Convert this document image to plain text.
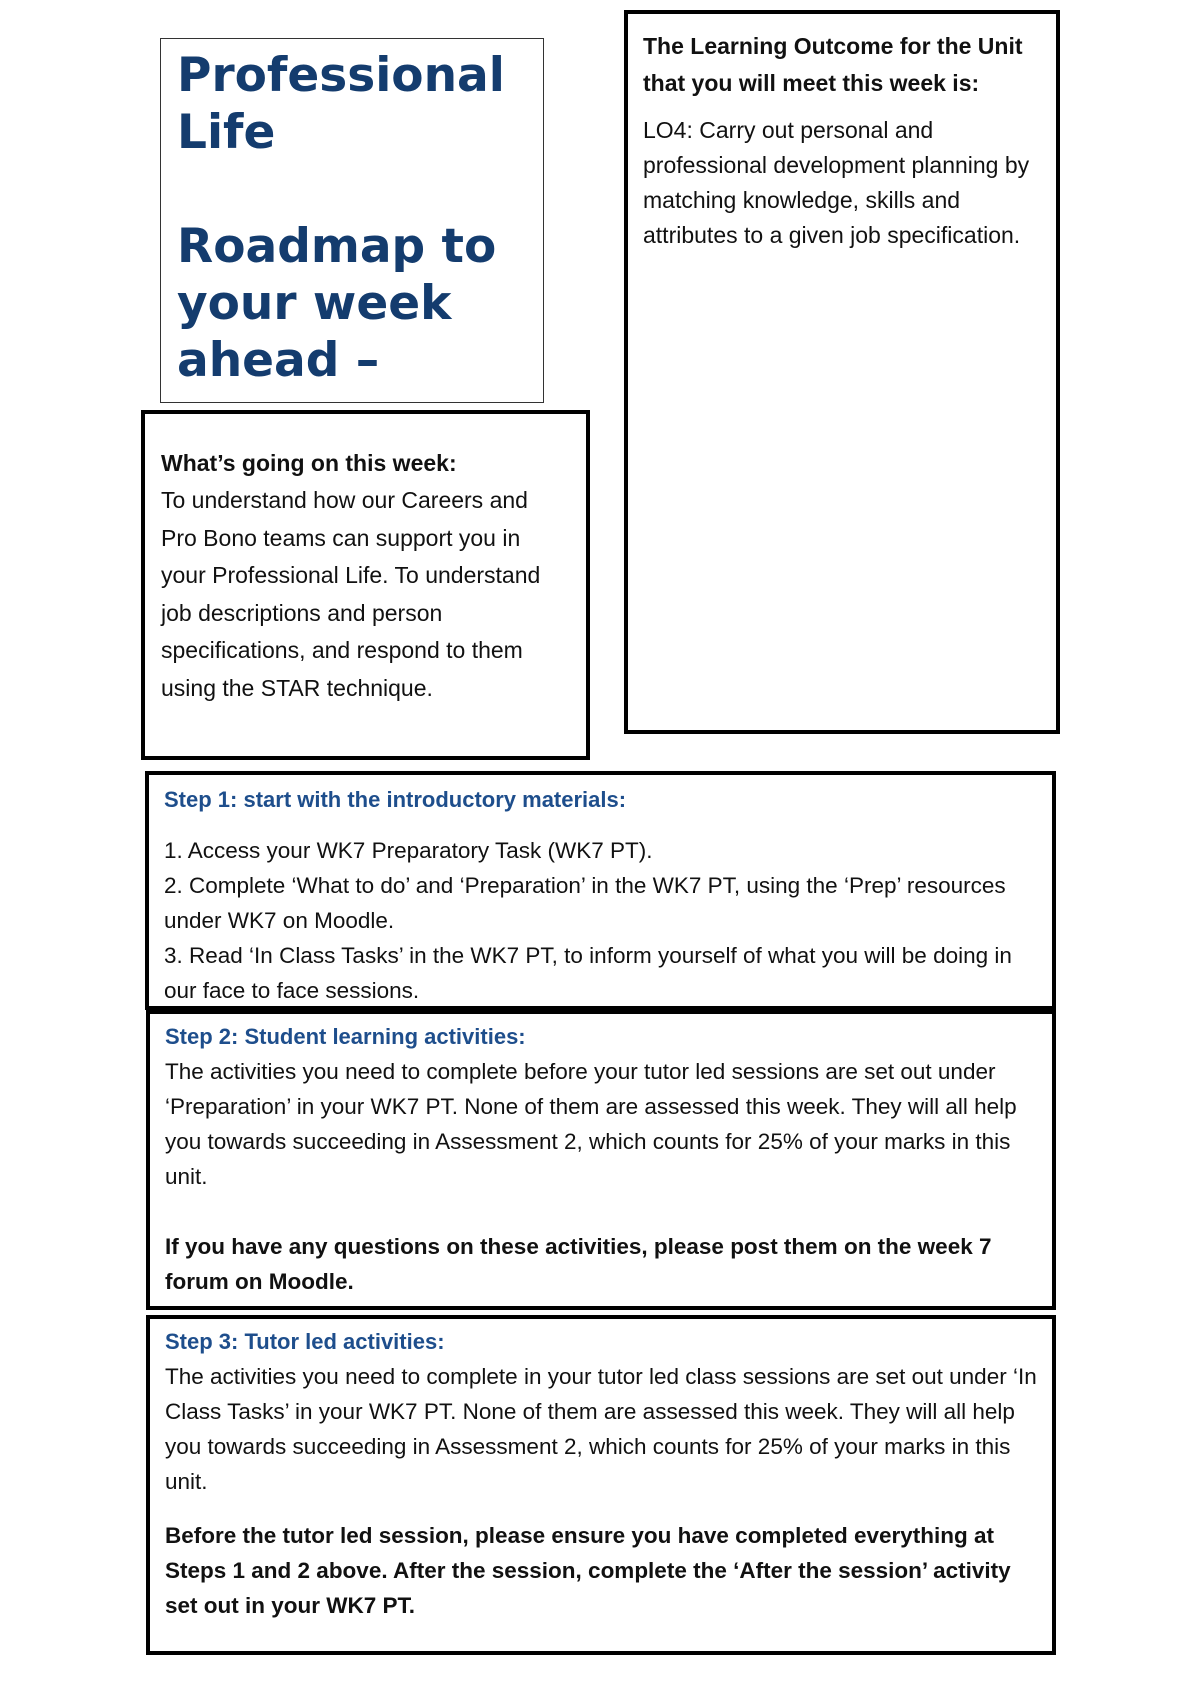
Professional

Life

Roadmap to

your week

ahead –

The Learning Outcome for the Unit that you will meet this week is:

LO4: Carry out personal and professional development planning by matching knowledge, skills and attributes to a given job specification.

What’s going on this week:

To understand how our Careers and Pro Bono teams can support you in your Professional Life. To understand job descriptions and person specifications, and respond to them using the STAR technique.

Step 1: start with the introductory materials:

1. Access your WK7 Preparatory Task (WK7 PT).

2. Complete ‘What to do’ and ‘Preparation’ in the WK7 PT, using the ‘Prep’ resources under WK7 on Moodle.

3. Read ‘In Class Tasks’ in the WK7 PT, to inform yourself of what you will be doing in our face to face sessions.

Step 2: Student learning activities:

The activities you need to complete before your tutor led sessions are set out under ‘Preparation’ in your WK7 PT. None of them are assessed this week. They will all help you towards succeeding in Assessment 2, which counts for 25% of your marks in this unit.

If you have any questions on these activities, please post them on the week 7 forum on Moodle.

Step 3: Tutor led activities:

The activities you need to complete in your tutor led class sessions are set out under ‘In Class Tasks’ in your WK7 PT. None of them are assessed this week. They will all help you towards succeeding in Assessment 2, which counts for 25% of your marks in this unit.

Before the tutor led session, please ensure you have completed everything at Steps 1 and 2 above. After the session, complete the ‘After the session’ activity set out in your WK7 PT.
